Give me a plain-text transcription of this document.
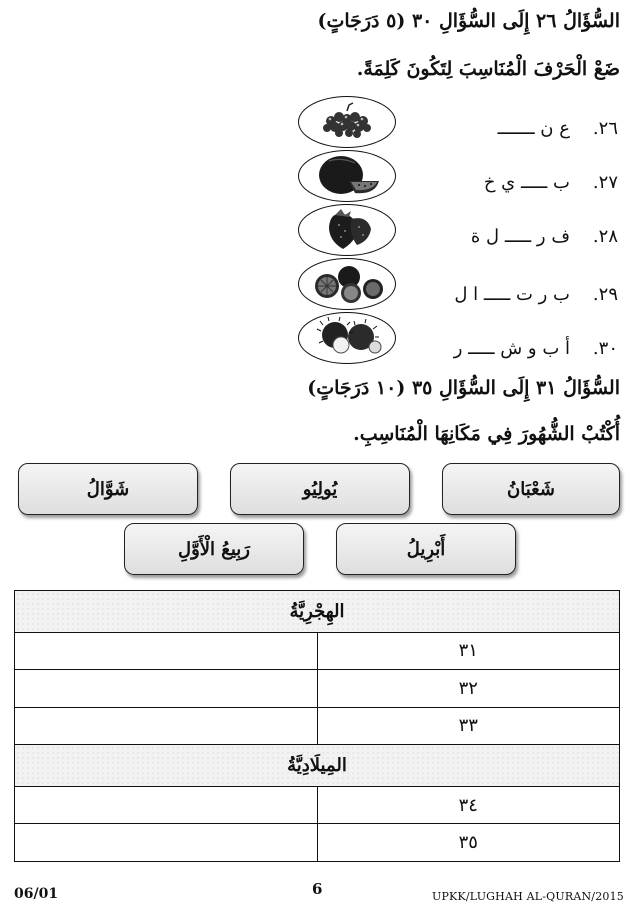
السُّؤَالُ ٢٦ إِلَى السُّؤَالِ ٣٠ (٥ دَرَجَاتٍ)
ضَعْ الْحَرْفَ الْمُنَاسِبَ لِتَكُونَ كَلِمَةً.
٢٦.
ع ن ـــــــ
٢٧.
ب ـــــ ي خ
٢٨.
ف ر ـــــ ل ة
٢٩.
ب ر ت ـــــ ا ل
٣٠.
أ ب و ش ـــــ ر
السُّؤَالُ ٣١ إِلَى السُّؤَالِ ٣٥ (١٠ دَرَجَاتٍ)
أُكْتُبْ الشُّهُورَ فِي مَكَانِهَا الْمُنَاسِبِ.
شَعْبَانُ
يُولِيُو
شَوَّالُ
أَبْرِيلُ
رَبِيعُ الْأَوَّلِ
الهِجْرِيَّةُ	
	٣١
	٣٢
	٣٣
المِيلَادِيَّةُ	
	٣٤
	٣٥
06/01	6	UPKK/LUGHAH AL-QURAN/2015
